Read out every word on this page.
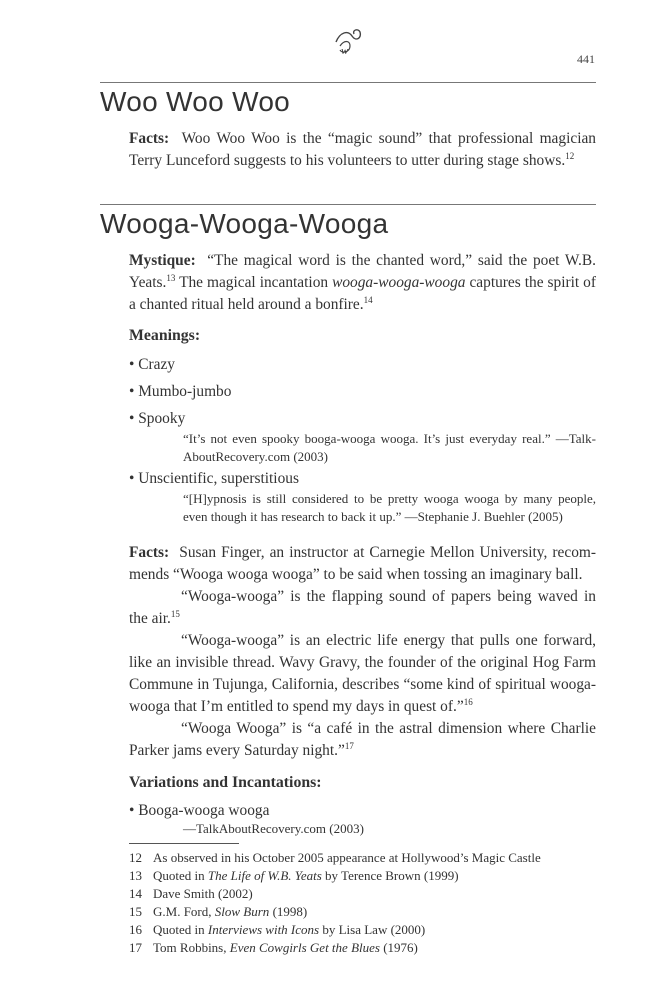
w
441
Woo Woo Woo

Facts: Woo Woo Woo is the “magic sound” that professional magician Terry Lunceford suggests to his volunteers to utter during stage shows.$^{12}$

Wooga-Wooga-Wooga

Mystique: “The magical word is the chanted word,” said the poet W.B. Yeats.$^{13}$ The magical incantation wooga-wooga-wooga captures the spirit of a chanted ritual held around a bonfire.$^{14}$

Meanings:

• Crazy

• Mumbo-jumbo

• Spooky

“It’s not even spooky booga-wooga wooga. It’s just everyday real.” —Talk-AboutRecovery.com (2003)

• Unscientific, superstitious

“[H]ypnosis is still considered to be pretty wooga wooga by many people, even though it has research to back it up.” —Stephanie J. Buehler (2005)

Facts: Susan Finger, an instructor at Carnegie Mellon University, recom-mends “Wooga wooga wooga” to be said when tossing an imaginary ball.

“Wooga-wooga” is the flapping sound of papers being waved in the air.$^{15}$

“Wooga-wooga” is an electric life energy that pulls one forward, like an invisible thread. Wavy Gravy, the founder of the original Hog Farm Commune in Tujunga, California, describes “some kind of spiritual wooga-wooga that I’m entitled to spend my days in quest of.”$^{16}$

“Wooga Wooga” is “a café in the astral dimension where Charlie Parker jams every Saturday night.”$^{17}$

Variations and Incantations:

• Booga-wooga wooga

—TalkAboutRecovery.com (2003)

12 As observed in his October 2005 appearance at Hollywood’s Magic Castle
13 Quoted in The Life of W.B. Yeats by Terence Brown (1999)
14 Dave Smith (2002)
15 G.M. Ford, Slow Burn (1998)
16 Quoted in Interviews with Icons by Lisa Law (2000)
17 Tom Robbins, Even Cowgirls Get the Blues (1976)
